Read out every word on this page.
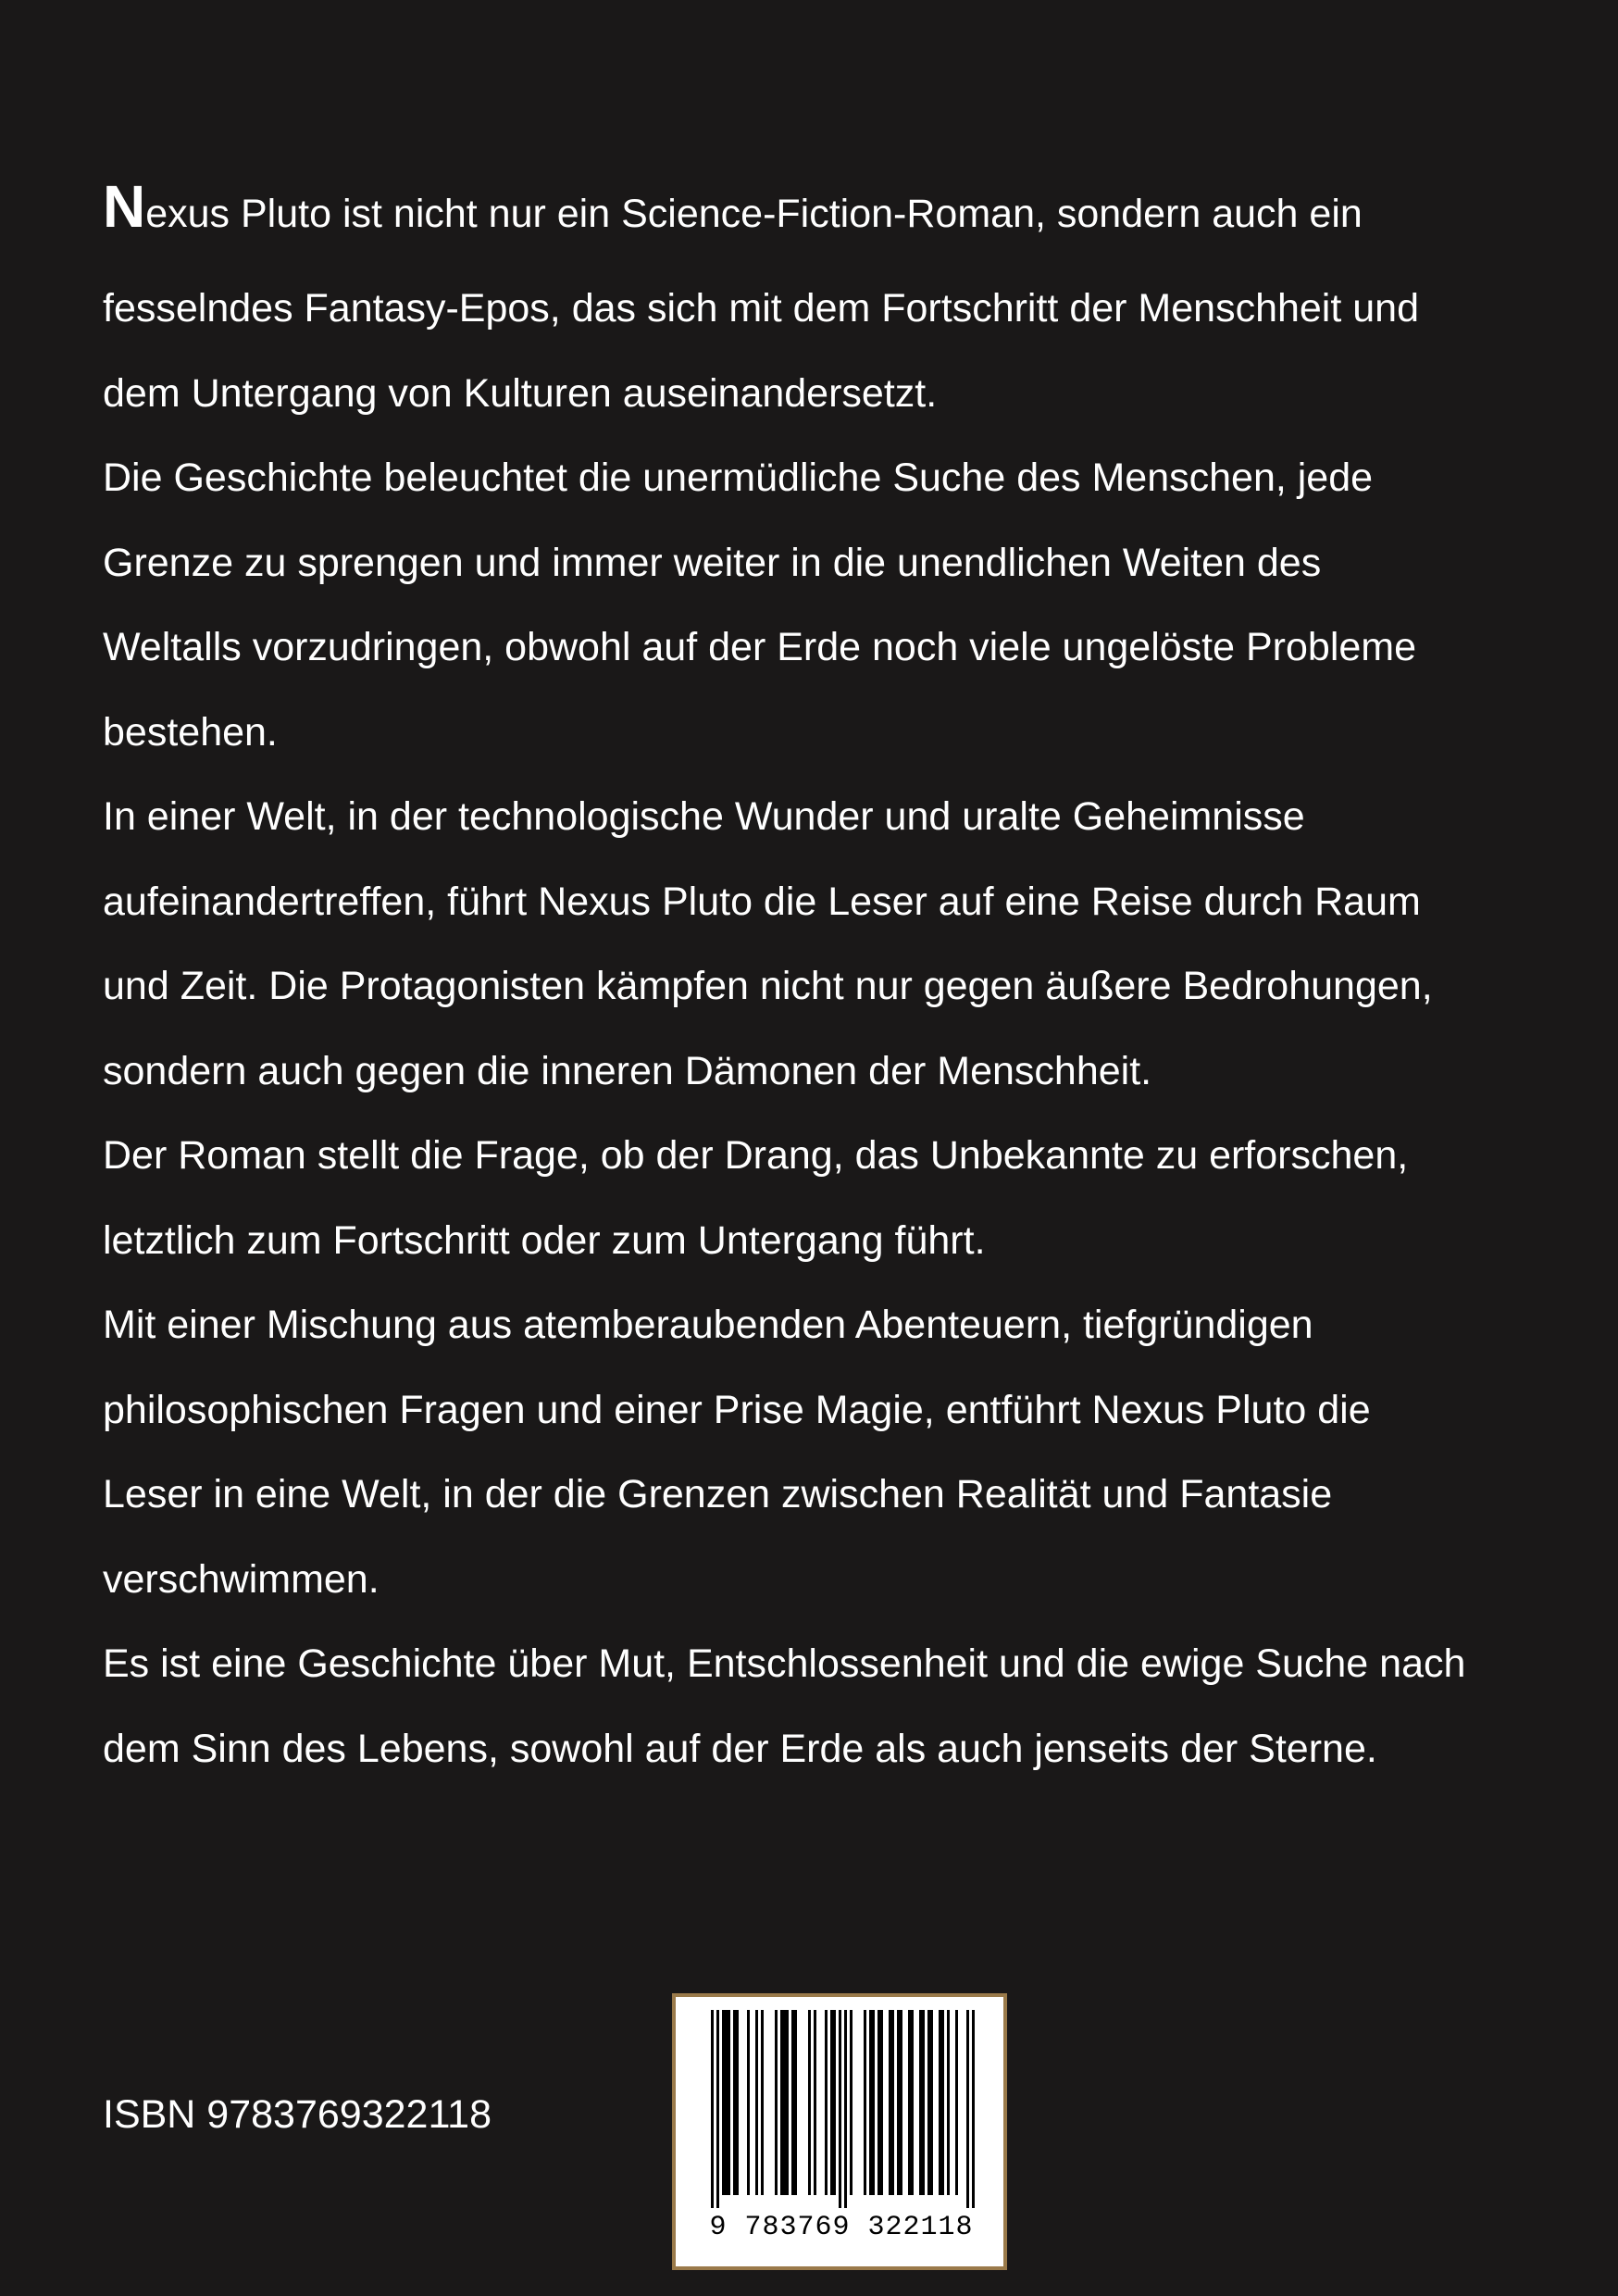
Nexus Pluto ist nicht nur ein Science-Fiction-Roman, sondern auch ein
fesselndes Fantasy-Epos, das sich mit dem Fortschritt der Menschheit und
dem Untergang von Kulturen auseinandersetzt.
Die Geschichte beleuchtet die unermüdliche Suche des Menschen, jede
Grenze zu sprengen und immer weiter in die unendlichen Weiten des
Weltalls vorzudringen, obwohl auf der Erde noch viele ungelöste Probleme
bestehen.
In einer Welt, in der technologische Wunder und uralte Geheimnisse
aufeinandertreffen, führt Nexus Pluto die Leser auf eine Reise durch Raum
und Zeit. Die Protagonisten kämpfen nicht nur gegen äußere Bedrohungen,
sondern auch gegen die inneren Dämonen der Menschheit.
Der Roman stellt die Frage, ob der Drang, das Unbekannte zu erforschen,
letztlich zum Fortschritt oder zum Untergang führt.
Mit einer Mischung aus atemberaubenden Abenteuern, tiefgründigen
philosophischen Fragen und einer Prise Magie, entführt Nexus Pluto die
Leser in eine Welt, in der die Grenzen zwischen Realität und Fantasie
verschwimmen.
Es ist eine Geschichte über Mut, Entschlossenheit und die ewige Suche nach
dem Sinn des Lebens, sowohl auf der Erde als auch jenseits der Sterne.
ISBN 9783769322118
9 783769 322118
